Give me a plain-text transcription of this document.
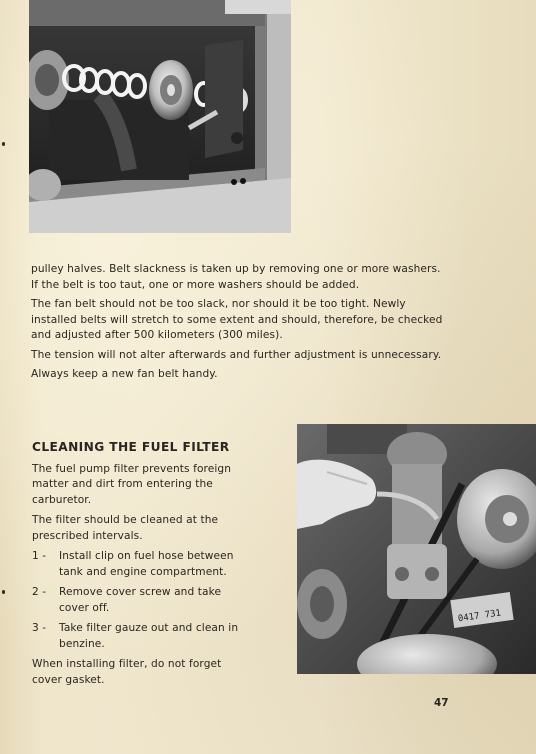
pulley halves. Belt slackness is taken up by removing one or more washers. If the belt is too taut, one or more washers should be added.

The fan belt should not be too slack, nor should it be too tight. Newly installed belts will stretch to some extent and should, therefore, be checked and adjusted after 500 kilometers (300 miles).

The tension will not alter afterwards and further adjustment is unnecessary.

Always keep a new fan belt handy.

CLEANING THE FUEL FILTER

The fuel pump filter prevents foreign matter and dirt from entering the carburetor.

The filter should be cleaned at the prescribed intervals.

1 -	Install clip on fuel hose between tank and engine compartment.
2 -	Remove cover screw and take cover off.
3 -	Take filter gauze out and clean in benzine.

When installing filter, do not forget cover gasket.

0417 731
47
